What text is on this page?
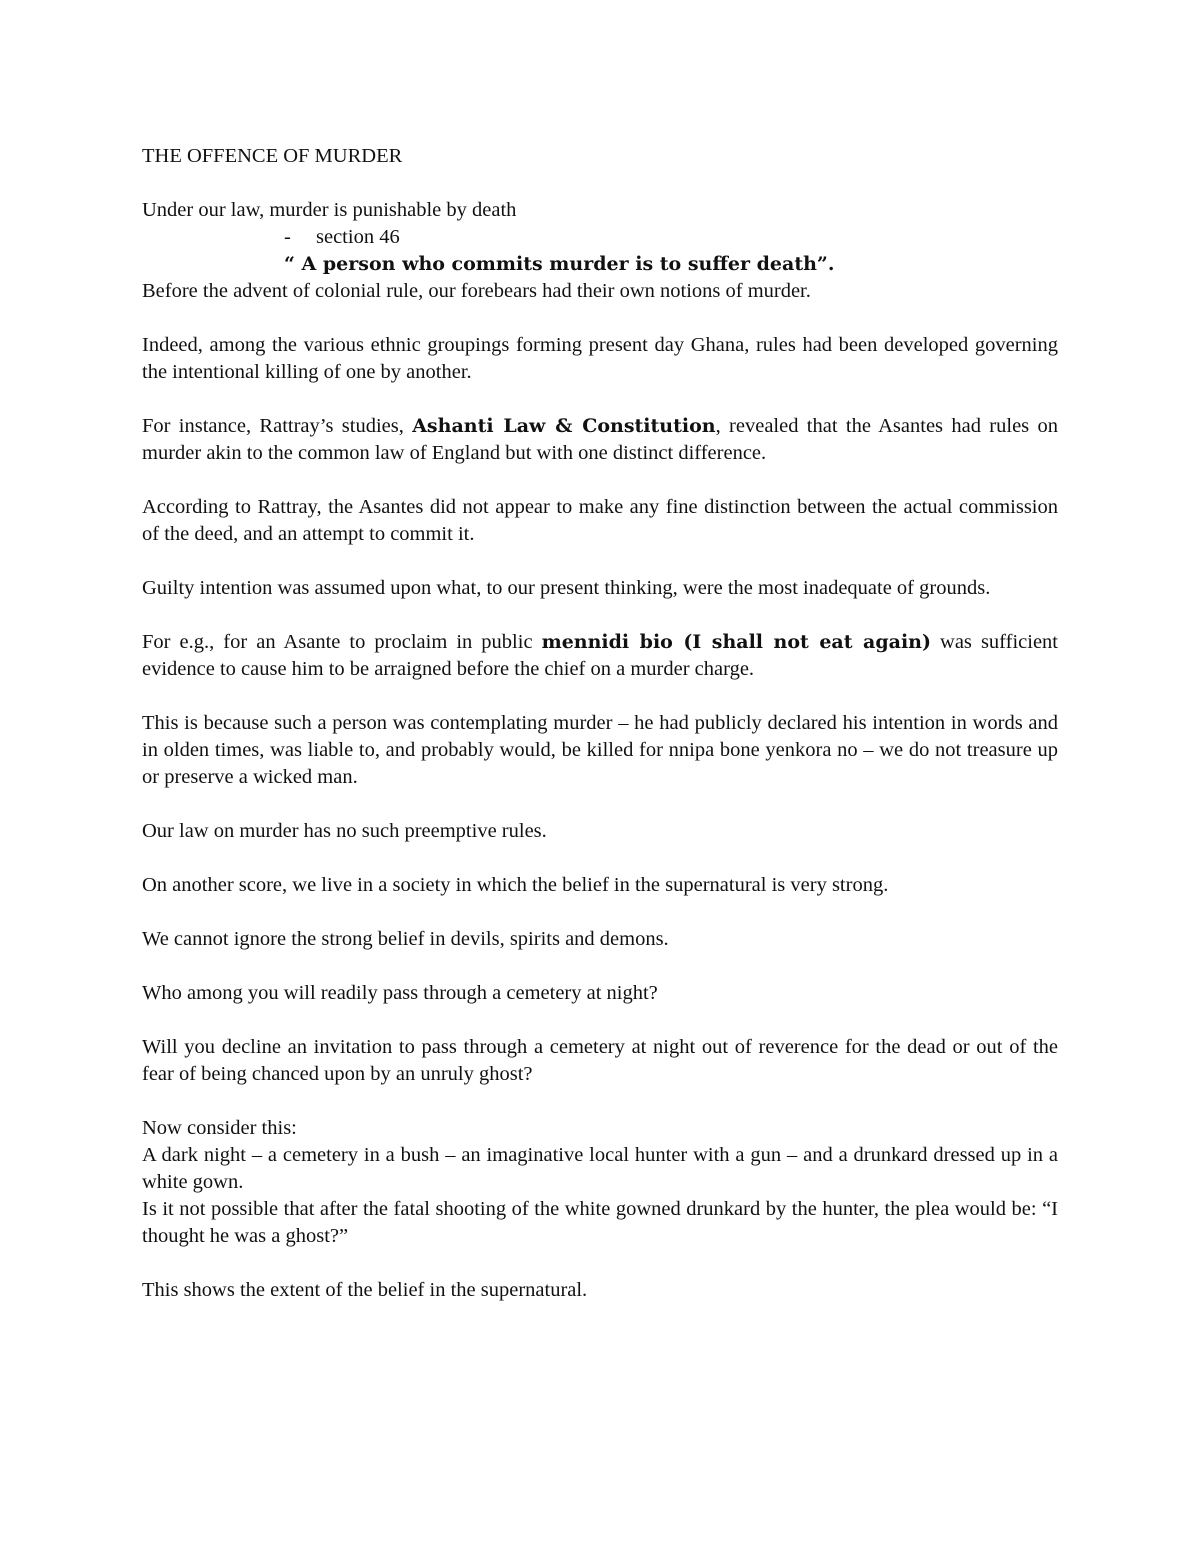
THE OFFENCE OF MURDER

Under our law, murder is punishable by death

- section 46
“ A person who commits murder is to suffer death”.

Before the advent of colonial rule, our forebears had their own notions of murder.

Indeed, among the various ethnic groupings forming present day Ghana, rules had been developed governing the intentional killing of one by another.

For instance, Rattray’s studies, Ashanti Law & Constitution, revealed that the Asantes had rules on murder akin to the common law of England but with one distinct difference.

According to Rattray, the Asantes did not appear to make any fine distinction between the actual commission of the deed, and an attempt to commit it.

Guilty intention was assumed upon what, to our present thinking, were the most inadequate of grounds.

For e.g., for an Asante to proclaim in public mennidi bio (I shall not eat again) was sufficient evidence to cause him to be arraigned before the chief on a murder charge.

This is because such a person was contemplating murder – he had publicly declared his intention in words and in olden times, was liable to, and probably would, be killed for nnipa bone yenkora no – we do not treasure up or preserve a wicked man.

Our law on murder has no such preemptive rules.

On another score, we live in a society in which the belief in the supernatural is very strong.

We cannot ignore the strong belief in devils, spirits and demons.

Who among you will readily pass through a cemetery at night?

Will you decline an invitation to pass through a cemetery at night out of reverence for the dead or out of the fear of being chanced upon by an unruly ghost?

Now consider this:

A dark night – a cemetery in a bush – an imaginative local hunter with a gun – and a drunkard dressed up in a white gown.

Is it not possible that after the fatal shooting of the white gowned drunkard by the hunter, the plea would be: “I thought he was a ghost?”

This shows the extent of the belief in the supernatural.
